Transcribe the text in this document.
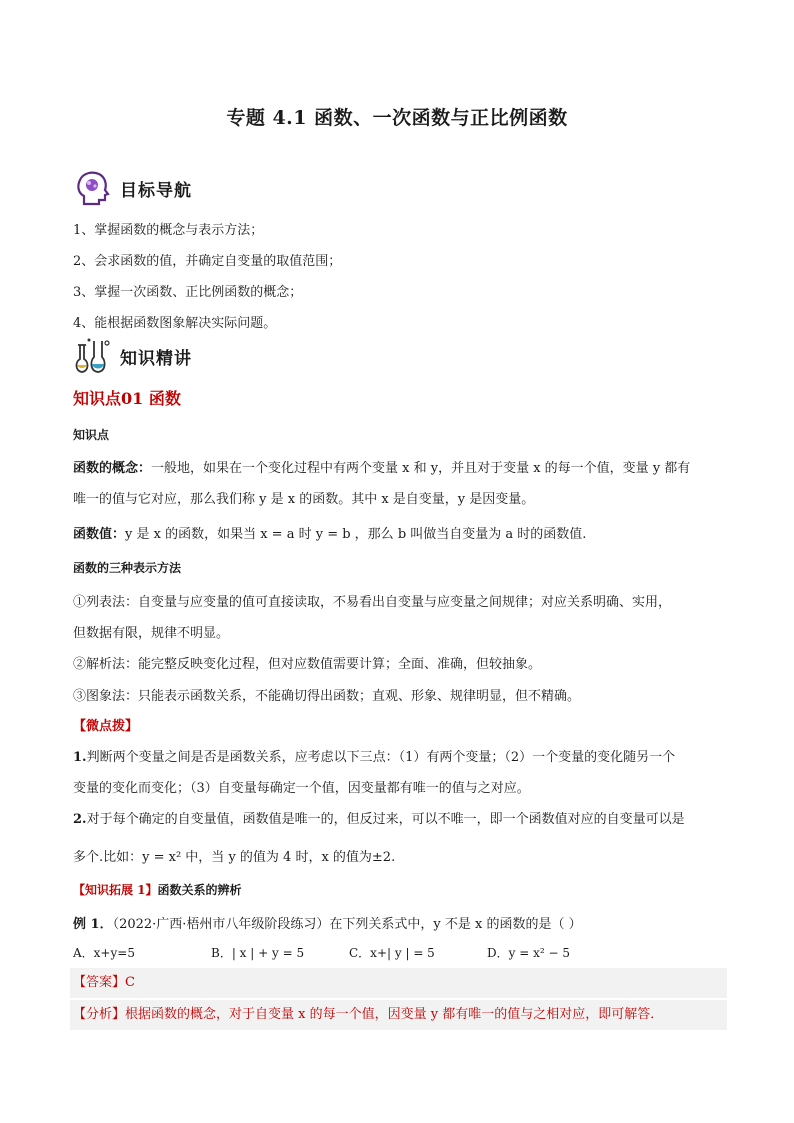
专题 4.1 函数、一次函数与正比例函数
目标导航
1、掌握函数的概念与表示方法；
2、会求函数的值，并确定自变量的取值范围；
3、掌握一次函数、正比例函数的概念；
4、能根据函数图象解决实际问题。
知识精讲
知识点01 函数
知识点
函数的概念：一般地，如果在一个变化过程中有两个变量 x 和 y，并且对于变量 x 的每一个值，变量 y 都有
唯一的值与它对应，那么我们称 y 是 x 的函数。其中 x 是自变量，y 是因变量。
函数值：y 是 x 的函数，如果当 x = a 时 y = b ，那么 b 叫做当自变量为 a 时的函数值.
函数的三种表示方法
①列表法：自变量与应变量的值可直接读取，不易看出自变量与应变量之间规律；对应关系明确、实用，
但数据有限，规律不明显。
②解析法：能完整反映变化过程，但对应数值需要计算；全面、准确，但较抽象。
③图象法：只能表示函数关系，不能确切得出函数；直观、形象、规律明显，但不精确。
【微点拨】
1.判断两个变量之间是否是函数关系，应考虑以下三点：（1）有两个变量；（2）一个变量的变化随另一个
变量的变化而变化；（3）自变量每确定一个值，因变量都有唯一的值与之对应。
2.对于每个确定的自变量值，函数值是唯一的，但反过来，可以不唯一，即一个函数值对应的自变量可以是
多个.比如：y = x² 中，当 y 的值为 4 时，x 的值为±2.
【知识拓展 1】函数关系的辨析
例 1．（2022·广西·梧州市八年级阶段练习）在下列关系式中，y 不是 x 的函数的是（ ）
A．x+y=5	B．| x | + y = 5	C．x+| y | = 5	D．y = x² − 5
【答案】C
【分析】根据函数的概念，对于自变量 x 的每一个值，因变量 y 都有唯一的值与之相对应，即可解答．
